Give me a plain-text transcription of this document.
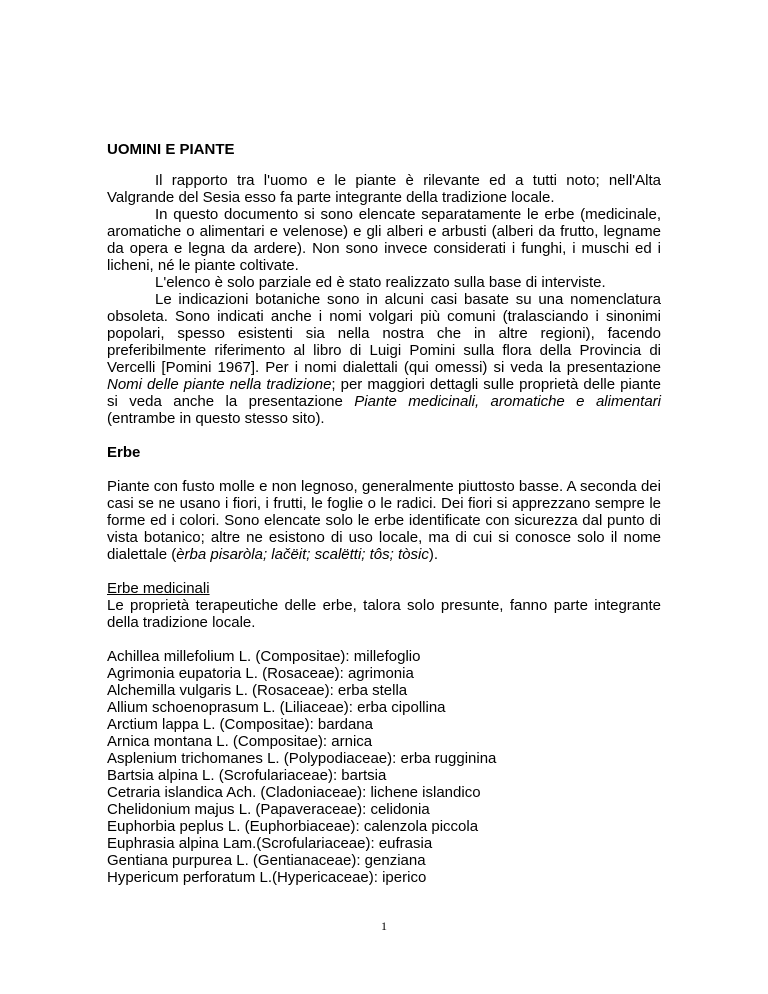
UOMINI E PIANTE

Il rapporto tra l'uomo e le piante è rilevante ed a tutti noto; nell'Alta Valgrande del Sesia esso fa parte integrante della tradizione locale.

In questo documento si sono elencate separatamente le erbe (medicinale, aromatiche o alimentari e velenose) e gli alberi e arbusti (alberi da frutto, legname da opera e legna da ardere). Non sono invece considerati i funghi, i muschi ed i licheni, né le piante coltivate.

L'elenco è solo parziale ed è stato realizzato sulla base di interviste.

Le indicazioni botaniche sono in alcuni casi basate su una nomenclatura obsoleta. Sono indicati anche i nomi volgari più comuni (tralasciando i sinonimi popolari, spesso esistenti sia nella nostra che in altre regioni), facendo preferibilmente riferimento al libro di Luigi Pomini sulla flora della Provincia di Vercelli [Pomini 1967]. Per i nomi dialettali (qui omessi) si veda la presentazione Nomi delle piante nella tradizione; per maggiori dettagli sulle proprietà delle piante si veda anche la presentazione Piante medicinali, aromatiche e alimentari (entrambe in questo stesso sito).

Erbe

Piante con fusto molle e non legnoso, generalmente piuttosto basse. A seconda dei casi se ne usano i fiori, i frutti, le foglie o le radici. Dei fiori si apprezzano sempre le forme ed i colori. Sono elencate solo le erbe identificate con sicurezza dal punto di vista botanico; altre ne esistono di uso locale, ma di cui si conosce solo il nome dialettale (èrba pisaròla; lačëit; scalëtti; tôs; tòsic).

Erbe medicinali

Le proprietà terapeutiche delle erbe, talora solo presunte, fanno parte integrante della tradizione locale.

Achillea millefolium L. (Compositae): millefoglio

Agrimonia eupatoria L. (Rosaceae): agrimonia

Alchemilla vulgaris L. (Rosaceae): erba stella

Allium schoenoprasum L. (Liliaceae): erba cipollina

Arctium lappa L. (Compositae): bardana

Arnica montana L. (Compositae): arnica

Asplenium trichomanes L. (Polypodiaceae): erba rugginina

Bartsia alpina L. (Scrofulariaceae): bartsia

Cetraria islandica Ach. (Cladoniaceae): lichene islandico

Chelidonium majus L. (Papaveraceae): celidonia

Euphorbia peplus L. (Euphorbiaceae): calenzola piccola

Euphrasia alpina Lam.(Scrofulariaceae): eufrasia

Gentiana purpurea L. (Gentianaceae): genziana

Hypericum perforatum L.(Hypericaceae): iperico

1
